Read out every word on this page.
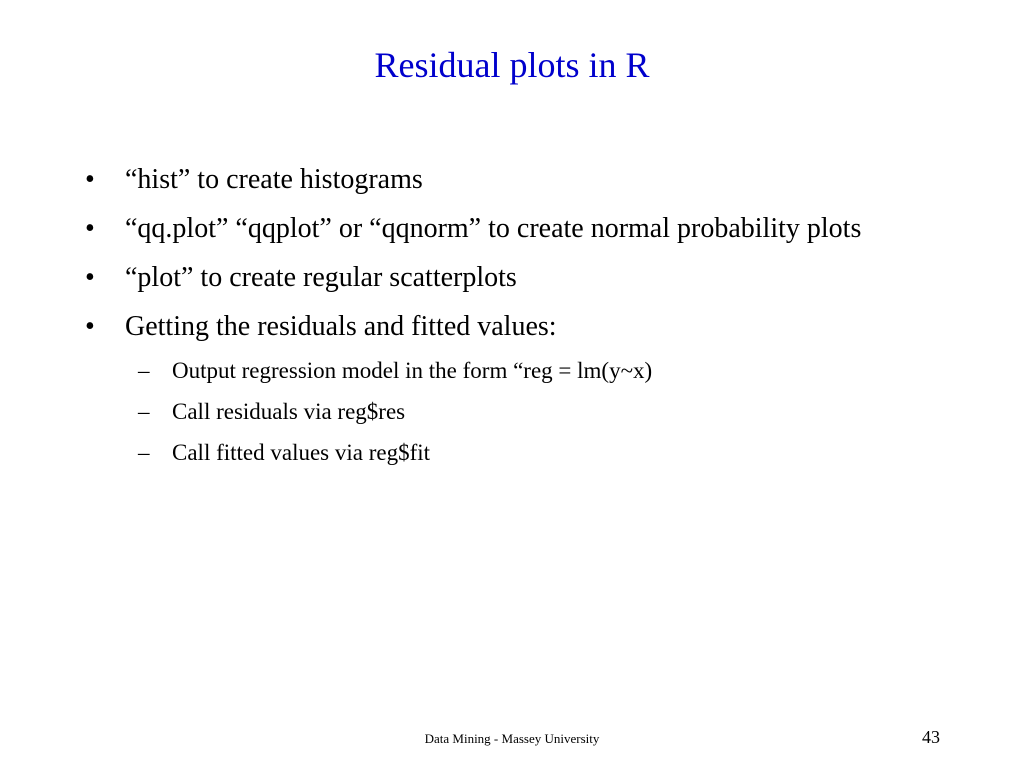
Residual plots in R
•	“hist” to create histograms
•	“qq.plot” “qqplot” or “qqnorm” to create normal probability plots
•	“plot” to create regular scatterplots
•	Getting the residuals and fitted values:
– Output regression model in the form “reg = lm(y~x)
– Call residuals via reg$res
– Call fitted values via reg$fit
Data Mining - Massey University	43
